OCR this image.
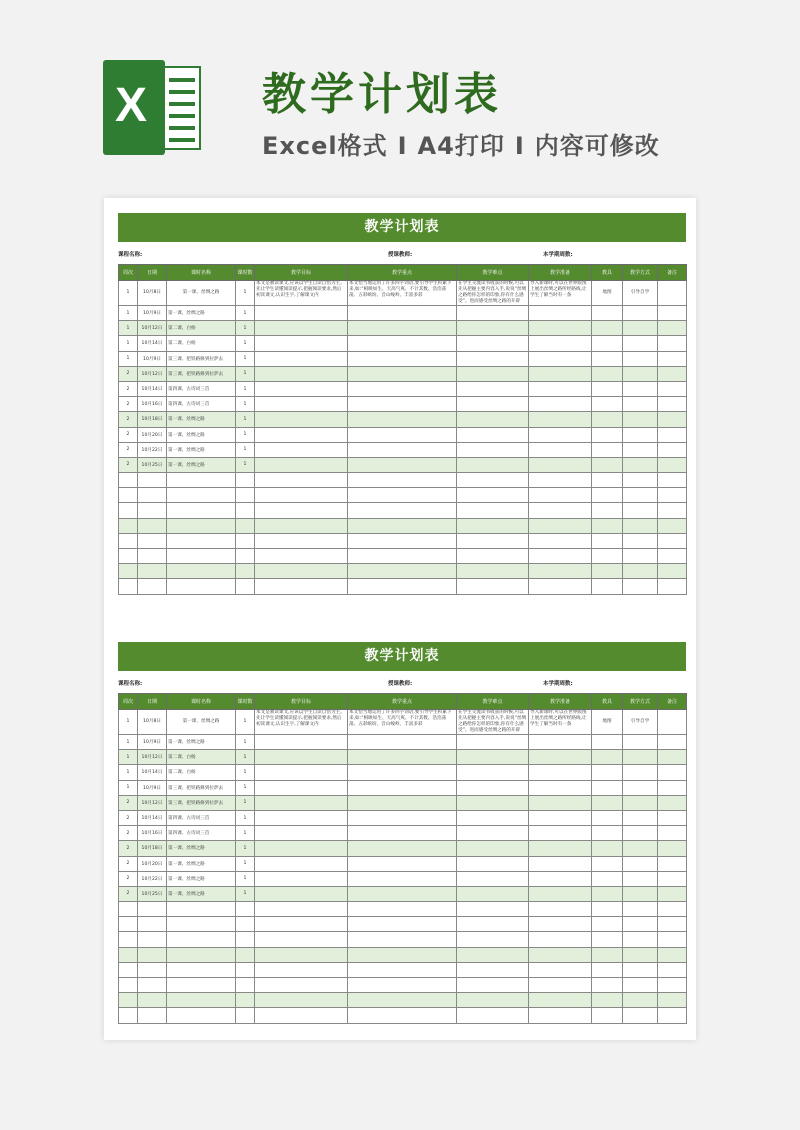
X	教学计划表
Excel格式 I A4打印 I 内容可修改
教学计划表
课程名称:	授课教师:	本学期周数:
周次	日期	课时名称	课时数	教学目标	教学重点	教学难点	教学准备	教具	教学方式	备注
1	10月8日	第一课、丝绸之路	1	本文是教读课文,应该以学生自读自悟为主。先让学生读懂阅读提示,把握阅读要求,然后初读课文,认识生字,了解课文内	本文恰当地运用了许多四字词语,要引导学生积累下来,如:“相映如生、天高气爽、不计其数、浩浩荡荡、五彩缤纷、音山峻岭、丰富多彩	在学生交流读书收获的时候,可以先从把握主要内容入手,说说“丝绸之路给你怎样的印象,你有什么感受”。进而感受丝绸之路的开辟	导入新课时,可以在世界版图上展出丝绸之路所经路线,让学生了解当时有一条	地图	引导自学	
1	10月9日	第一课、丝绸之路	1							
1	10月12日	第二课、白杨	1							
1	10月14日	第二课、白杨	1							
1	10月9日	第三课、把铁路修到拉萨去	1							
2	10月12日	第三课、把铁路修到拉萨去	1							
2	10月14日	第四课、古诗词三首	1							
2	10月16日	第四课、古诗词三首	1							
2	10月18日	第一课、丝绸之路	1							
2	10月20日	第一课、丝绸之路	1							
2	10月22日	第一课、丝绸之路	1							
2	10月25日	第一课、丝绸之路	1							

教学计划表
课程名称:	授课教师:	本学期周数:
周次	日期	课时名称	课时数	教学目标	教学重点	教学难点	教学准备	教具	教学方式	备注
1	10月8日	第一课、丝绸之路	1	本文是教读课文,应该以学生自读自悟为主。先让学生读懂阅读提示,把握阅读要求,然后初读课文,认识生字,了解课文内	本文恰当地运用了许多四字词语,要引导学生积累下来,如:“相映如生、天高气爽、不计其数、浩浩荡荡、五彩缤纷、音山峻岭、丰富多彩	在学生交流读书收获的时候,可以先从把握主要内容入手,说说“丝绸之路给你怎样的印象,你有什么感受”。进而感受丝绸之路的开辟	导入新课时,可以在世界版图上展出丝绸之路所经路线,让学生了解当时有一条	地图	引导自学	
1	10月9日	第一课、丝绸之路	1							
1	10月12日	第二课、白杨	1							
1	10月14日	第二课、白杨	1							
1	10月9日	第三课、把铁路修到拉萨去	1							
2	10月12日	第三课、把铁路修到拉萨去	1							
2	10月14日	第四课、古诗词三首	1							
2	10月16日	第四课、古诗词三首	1							
2	10月18日	第一课、丝绸之路	1							
2	10月20日	第一课、丝绸之路	1							
2	10月22日	第一课、丝绸之路	1							
2	10月25日	第一课、丝绸之路	1							
